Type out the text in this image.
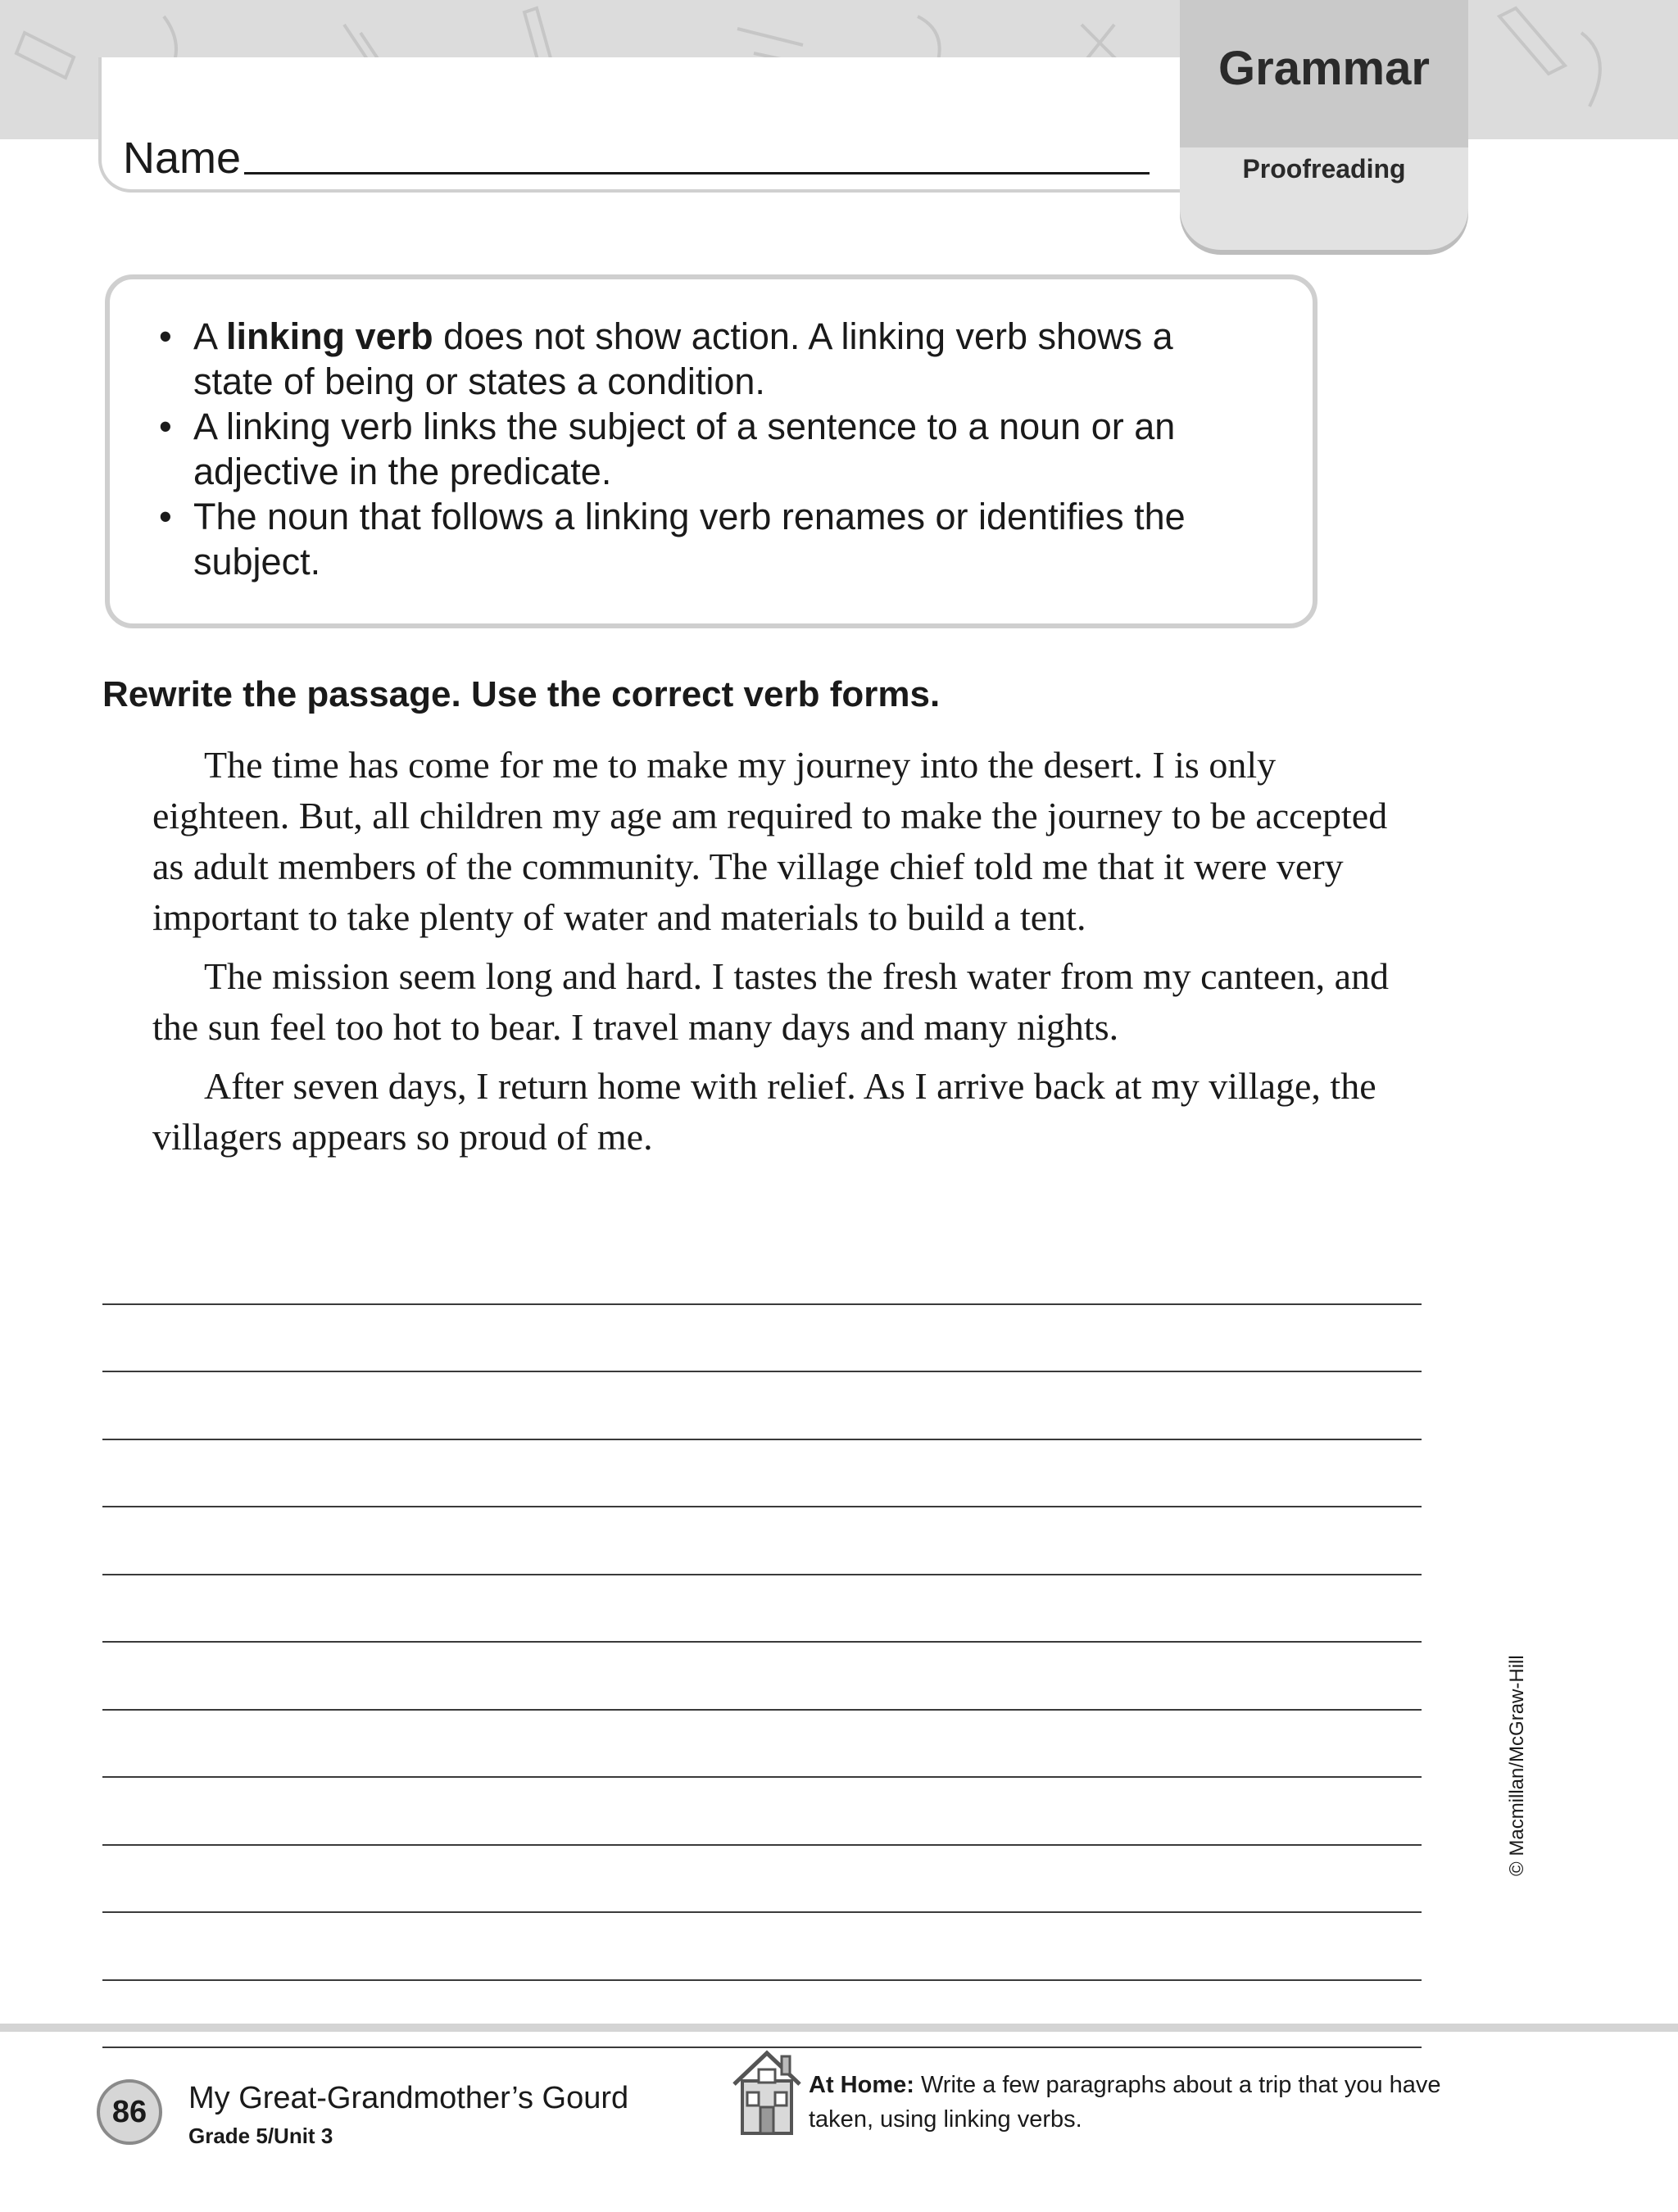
Name
Grammar
Proofreading
• A linking verb does not show action. A linking verb shows a state of being or states a condition.
• A linking verb links the subject of a sentence to a noun or an adjective in the predicate.
• The noun that follows a linking verb renames or identifies the subject.
Rewrite the passage. Use the correct verb forms.

The time has come for me to make my journey into the desert. I is only eighteen. But, all children my age am required to make the journey to be accepted as adult members of the community. The village chief told me that it were very important to take plenty of water and materials to build a tent.

The mission seem long and hard. I tastes the fresh water from my canteen, and the sun feel too hot to bear. I travel many days and many nights.

After seven days, I return home with relief. As I arrive back at my village, the villagers appears so proud of me.

© Macmillan/McGraw-Hill
86	My Great-Grandmother’s Gourd
Grade 5/Unit 3
At Home: Write a few paragraphs about a trip that you have taken, using linking verbs.
